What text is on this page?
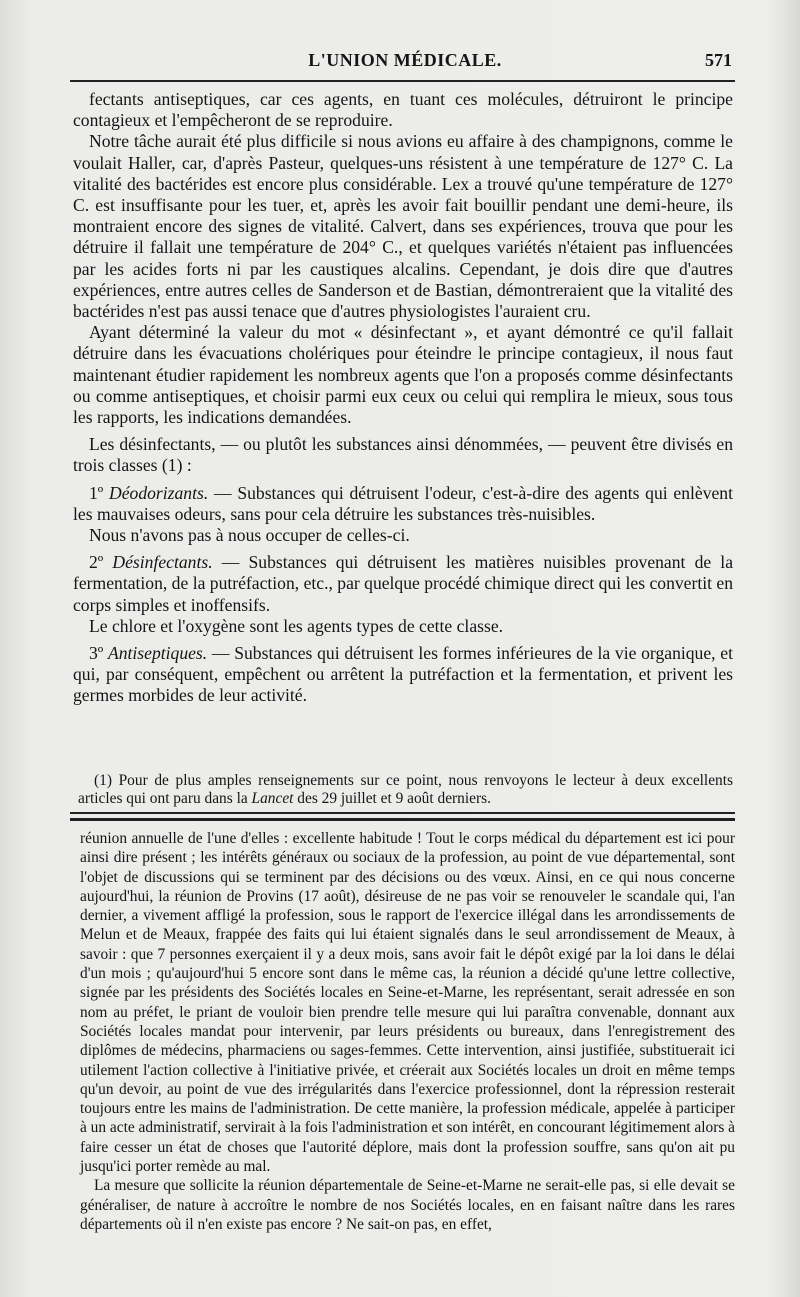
L'UNION MÉDICALE.	571

fectants antiseptiques, car ces agents, en tuant ces molécules, détruiront le principe contagieux et l'empêcheront de se reproduire.

Notre tâche aurait été plus difficile si nous avions eu affaire à des champignons, comme le voulait Haller, car, d'après Pasteur, quelques-uns résistent à une température de 127° C. La vitalité des bactérides est encore plus considérable. Lex a trouvé qu'une température de 127° C. est insuffisante pour les tuer, et, après les avoir fait bouillir pendant une demi-heure, ils montraient encore des signes de vitalité. Calvert, dans ses expériences, trouva que pour les détruire il fallait une température de 204° C., et quelques variétés n'étaient pas influencées par les acides forts ni par les caustiques alcalins. Cependant, je dois dire que d'autres expériences, entre autres celles de Sanderson et de Bastian, démontreraient que la vitalité des bactérides n'est pas aussi tenace que d'autres physiologistes l'auraient cru.

Ayant déterminé la valeur du mot « désinfectant », et ayant démontré ce qu'il fallait détruire dans les évacuations cholériques pour éteindre le principe contagieux, il nous faut maintenant étudier rapidement les nombreux agents que l'on a proposés comme désinfectants ou comme antiseptiques, et choisir parmi eux ceux ou celui qui remplira le mieux, sous tous les rapports, les indications demandées.

Les désinfectants, — ou plutôt les substances ainsi dénommées, — peuvent être divisés en trois classes (1) :

1º Déodorizants. — Substances qui détruisent l'odeur, c'est-à-dire des agents qui enlèvent les mauvaises odeurs, sans pour cela détruire les substances très-nuisibles.

Nous n'avons pas à nous occuper de celles-ci.

2º Désinfectants. — Substances qui détruisent les matières nuisibles provenant de la fermentation, de la putréfaction, etc., par quelque procédé chimique direct qui les convertit en corps simples et inoffensifs.

Le chlore et l'oxygène sont les agents types de cette classe.

3º Antiseptiques. — Substances qui détruisent les formes inférieures de la vie organique, et qui, par conséquent, empêchent ou arrêtent la putréfaction et la fermentation, et privent les germes morbides de leur activité.

(1) Pour de plus amples renseignements sur ce point, nous renvoyons le lecteur à deux excellents articles qui ont paru dans la Lancet des 29 juillet et 9 août derniers.

réunion annuelle de l'une d'elles : excellente habitude ! Tout le corps médical du département est ici pour ainsi dire présent ; les intérêts généraux ou sociaux de la profession, au point de vue départemental, sont l'objet de discussions qui se terminent par des décisions ou des vœux. Ainsi, en ce qui nous concerne aujourd'hui, la réunion de Provins (17 août), désireuse de ne pas voir se renouveler le scandale qui, l'an dernier, a vivement affligé la profession, sous le rapport de l'exercice illégal dans les arrondissements de Melun et de Meaux, frappée des faits qui lui étaient signalés dans le seul arrondissement de Meaux, à savoir : que 7 personnes exerçaient il y a deux mois, sans avoir fait le dépôt exigé par la loi dans le délai d'un mois ; qu'aujourd'hui 5 encore sont dans le même cas, la réunion a décidé qu'une lettre collective, signée par les présidents des Sociétés locales en Seine-et-Marne, les représentant, serait adressée en son nom au préfet, le priant de vouloir bien prendre telle mesure qui lui paraîtra convenable, donnant aux Sociétés locales mandat pour intervenir, par leurs présidents ou bureaux, dans l'enregistrement des diplômes de médecins, pharmaciens ou sages-femmes. Cette intervention, ainsi justifiée, substituerait ici utilement l'action collective à l'initiative privée, et créerait aux Sociétés locales un droit en même temps qu'un devoir, au point de vue des irrégularités dans l'exercice professionnel, dont la répression resterait toujours entre les mains de l'administration. De cette manière, la profession médicale, appelée à participer à un acte administratif, servirait à la fois l'administration et son intérêt, en concourant légitimement alors à faire cesser un état de choses que l'autorité déplore, mais dont la profession souffre, sans qu'on ait pu jusqu'ici porter remède au mal.

La mesure que sollicite la réunion départementale de Seine-et-Marne ne serait-elle pas, si elle devait se généraliser, de nature à accroître le nombre de nos Sociétés locales, en en faisant naître dans les rares départements où il n'en existe pas encore ? Ne sait-on pas, en effet,
